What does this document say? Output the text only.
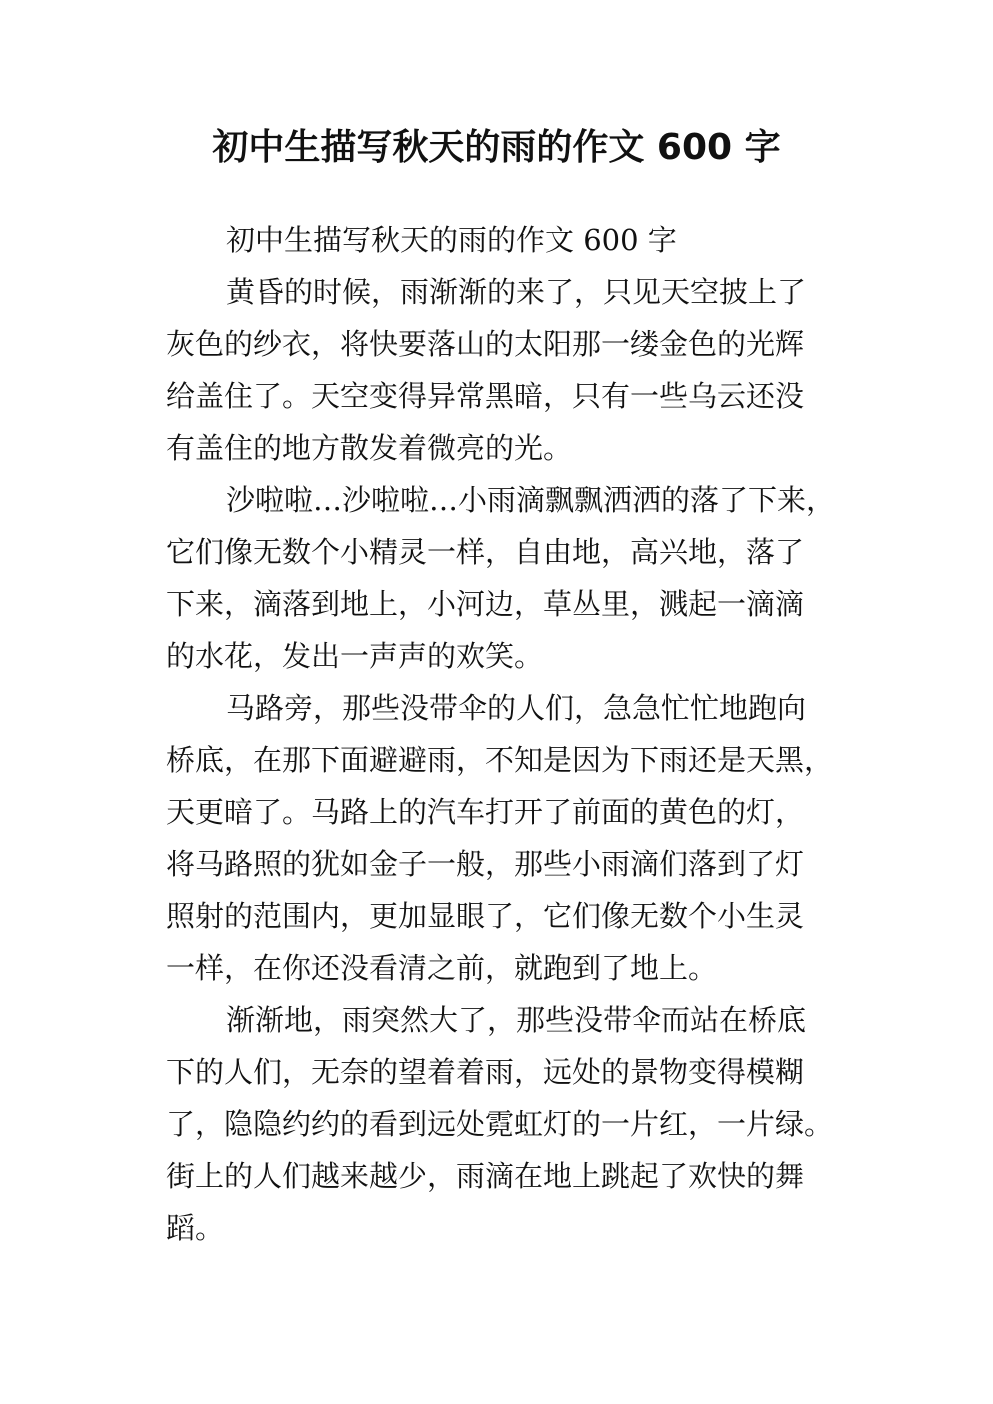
初中生描写秋天的雨的作文 600 字

初中生描写秋天的雨的作文 600 字

黄昏的时候，雨渐渐的来了，只见天空披上了

灰色的纱衣，将快要落山的太阳那一缕金色的光辉

给盖住了。天空变得异常黑暗，只有一些乌云还没

有盖住的地方散发着微亮的光。

沙啦啦…沙啦啦…小雨滴飘飘洒洒的落了下来，

它们像无数个小精灵一样，自由地，高兴地，落了

下来，滴落到地上，小河边，草丛里，溅起一滴滴

的水花，发出一声声的欢笑。

马路旁，那些没带伞的人们，急急忙忙地跑向

桥底，在那下面避避雨，不知是因为下雨还是天黑，

天更暗了。马路上的汽车打开了前面的黄色的灯，

将马路照的犹如金子一般，那些小雨滴们落到了灯

照射的范围内，更加显眼了，它们像无数个小生灵

一样，在你还没看清之前，就跑到了地上。

渐渐地，雨突然大了，那些没带伞而站在桥底

下的人们，无奈的望着着雨，远处的景物变得模糊

了，隐隐约约的看到远处霓虹灯的一片红，一片绿。

街上的人们越来越少，雨滴在地上跳起了欢快的舞

蹈。
